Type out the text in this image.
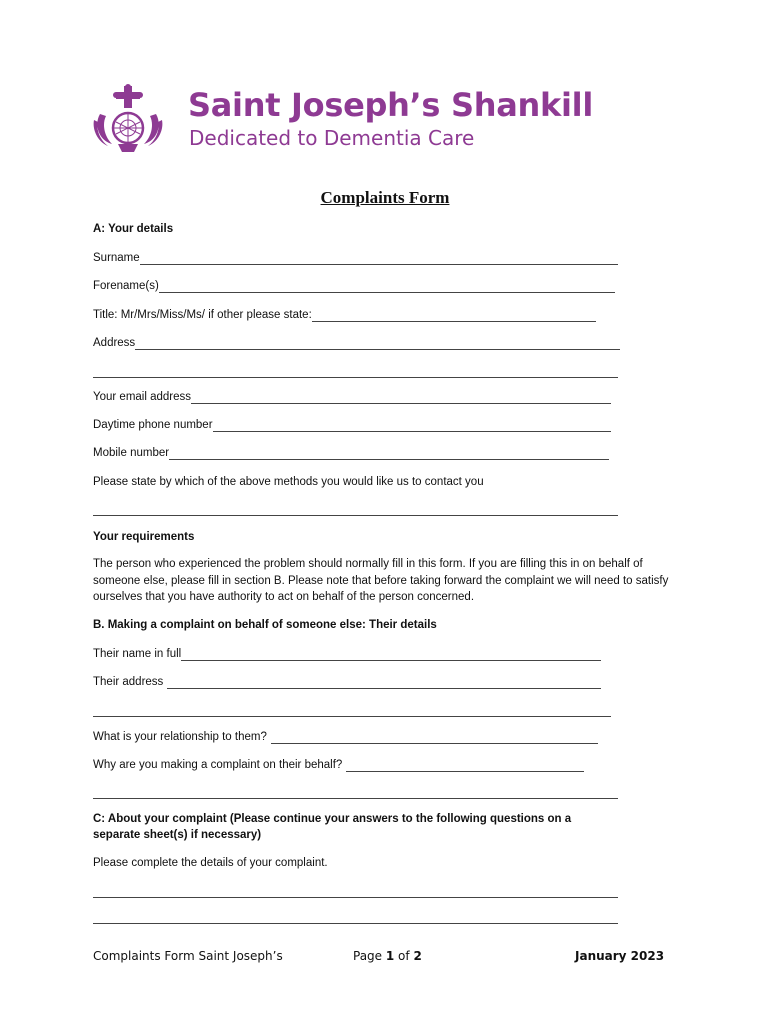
Saint Joseph’s Shankill
Dedicated to Dementia Care
Complaints Form
A: Your details
Surname
Forename(s)
Title: Mr/Mrs/Miss/Ms/ if other please state:
Address
Your email address
Daytime phone number
Mobile number
Please state by which of the above methods you would like us to contact you
Your requirements
The person who experienced the problem should normally fill in this form. If you are filling this in on behalf of someone else, please fill in section B. Please note that before taking forward the complaint we will need to satisfy ourselves that you have authority to act on behalf of the person concerned.
B. Making a complaint on behalf of someone else: Their details
Their name in full
Their address
What is your relationship to them?
Why are you making a complaint on their behalf?
C: About your complaint (Please continue your answers to the following questions on a
separate sheet(s) if necessary)
Please complete the details of your complaint.
Complaints Form Saint Joseph’s	Page 1 of 2	January 2023
